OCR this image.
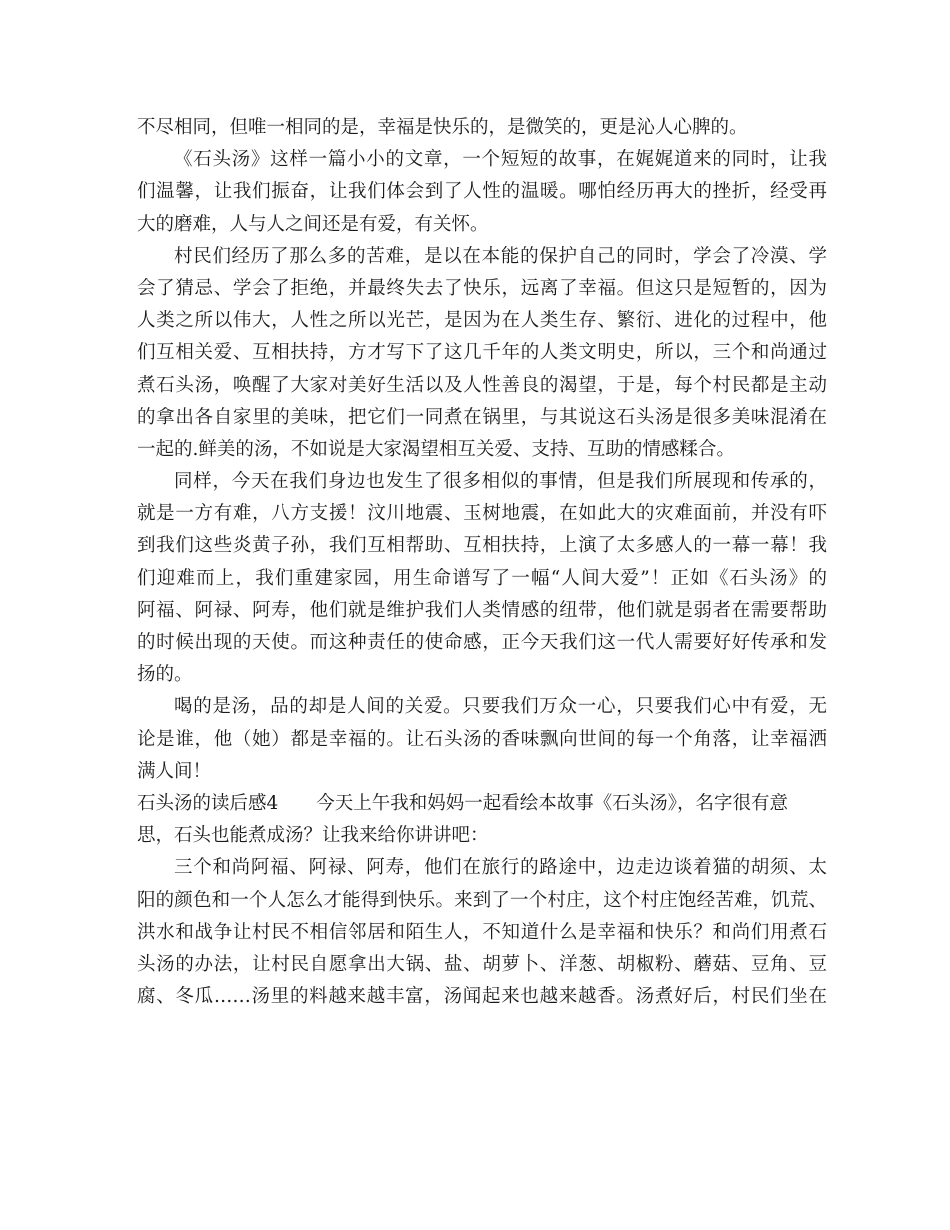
不尽相同，但唯一相同的是，幸福是快乐的，是微笑的，更是沁人心脾的。
《石头汤》这样一篇小小的文章，一个短短的故事，在娓娓道来的同时，让我
们温馨，让我们振奋，让我们体会到了人性的温暖。哪怕经历再大的挫折，经受再
大的磨难，人与人之间还是有爱，有关怀。
村民们经历了那么多的苦难，是以在本能的保护自己的同时，学会了冷漠、学
会了猜忌、学会了拒绝，并最终失去了快乐，远离了幸福。但这只是短暂的，因为
人类之所以伟大，人性之所以光芒，是因为在人类生存、繁衍、进化的过程中，他
们互相关爱、互相扶持，方才写下了这几千年的人类文明史，所以，三个和尚通过
煮石头汤，唤醒了大家对美好生活以及人性善良的渴望，于是，每个村民都是主动
的拿出各自家里的美味，把它们一同煮在锅里，与其说这石头汤是很多美味混淆在
一起的.鲜美的汤，不如说是大家渴望相互关爱、支持、互助的情感糅合。
同样，今天在我们身边也发生了很多相似的事情，但是我们所展现和传承的，
就是一方有难，八方支援！汶川地震、玉树地震，在如此大的灾难面前，并没有吓
到我们这些炎黄子孙，我们互相帮助、互相扶持，上演了太多感人的一幕一幕！我
们迎难而上，我们重建家园，用生命谱写了一幅“人间大爱”！正如《石头汤》的
阿福、阿禄、阿寿，他们就是维护我们人类情感的纽带，他们就是弱者在需要帮助
的时候出现的天使。而这种责任的使命感，正今天我们这一代人需要好好传承和发
扬的。
喝的是汤，品的却是人间的关爱。只要我们万众一心，只要我们心中有爱，无
论是谁，他（她）都是幸福的。让石头汤的香味飘向世间的每一个角落，让幸福洒
满人间！
石头汤的读后感4 今天上午我和妈妈一起看绘本故事《石头汤》，名字很有意
思，石头也能煮成汤？让我来给你讲讲吧：
三个和尚阿福、阿禄、阿寿，他们在旅行的路途中，边走边谈着猫的胡须、太
阳的颜色和一个人怎么才能得到快乐。来到了一个村庄，这个村庄饱经苦难，饥荒、
洪水和战争让村民不相信邻居和陌生人，不知道什么是幸福和快乐？和尚们用煮石
头汤的办法，让村民自愿拿出大锅、盐、胡萝卜、洋葱、胡椒粉、蘑菇、豆角、豆
腐、冬瓜……汤里的料越来越丰富，汤闻起来也越来越香。汤煮好后，村民们坐在
